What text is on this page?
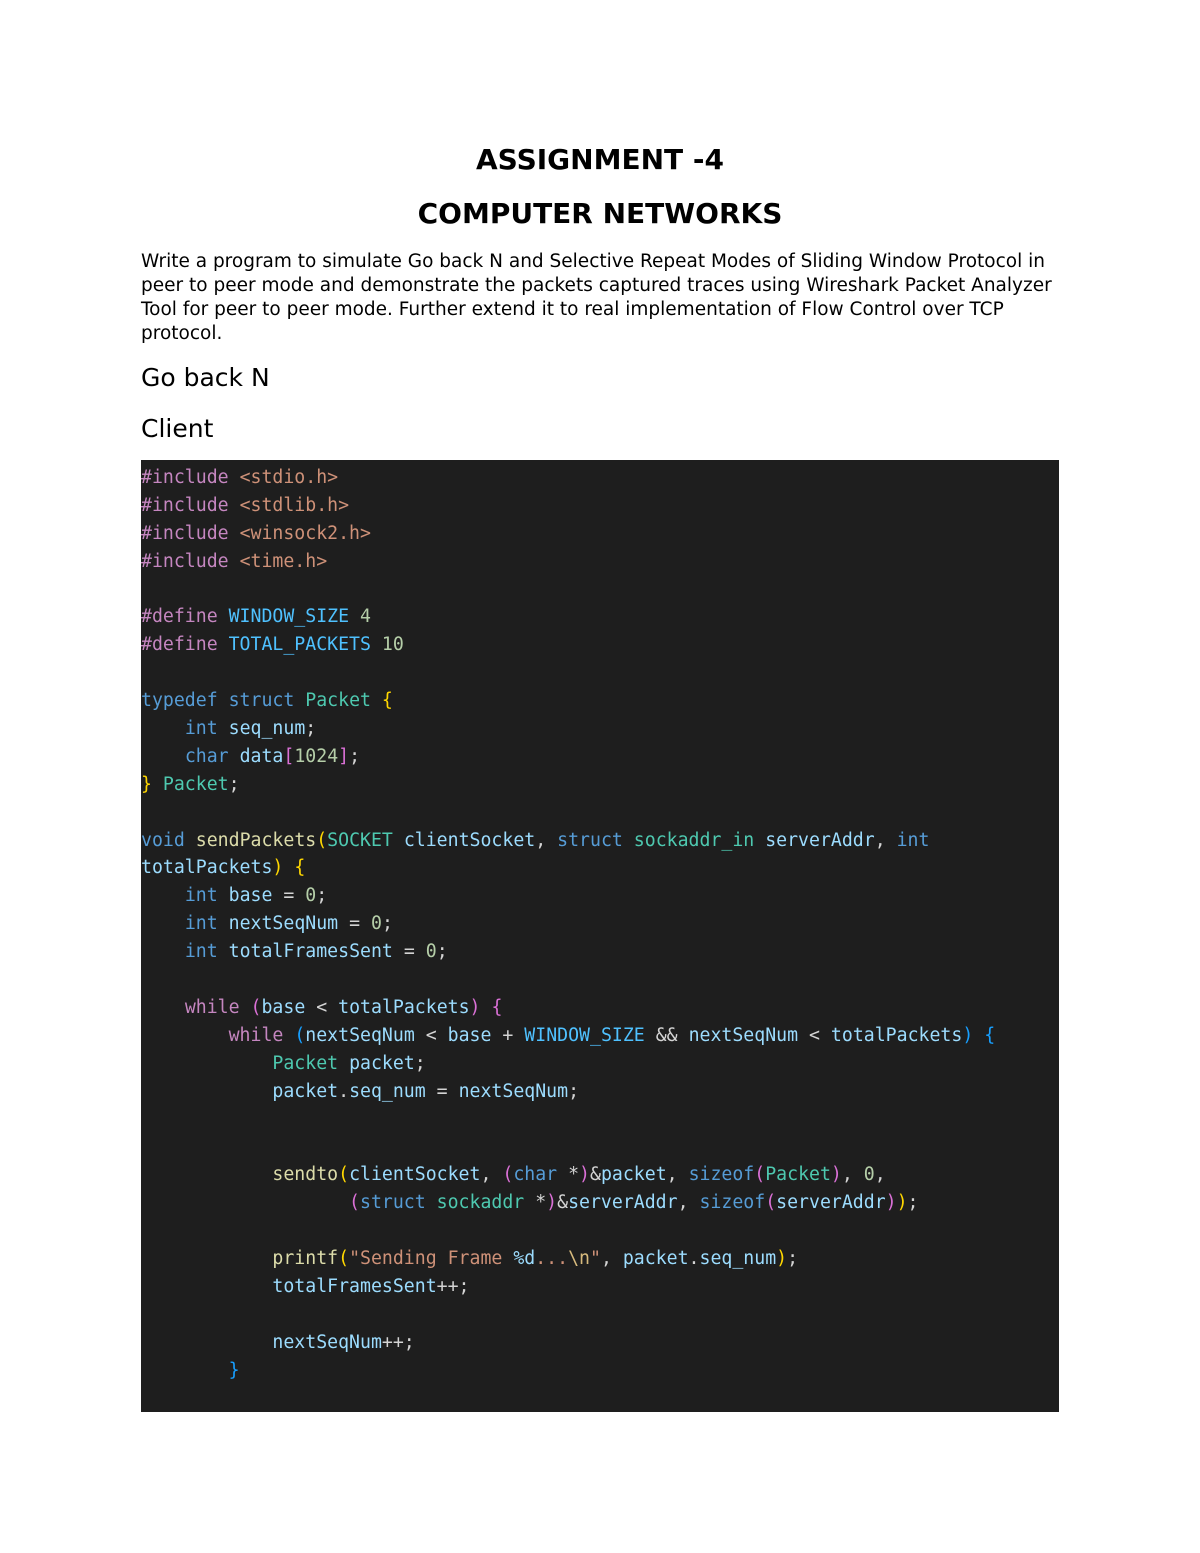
ASSIGNMENT -4
COMPUTER NETWORKS
Write a program to simulate Go back N and Selective Repeat Modes of Sliding Window Protocol in peer to peer mode and demonstrate the packets captured traces using Wireshark Packet Analyzer Tool for peer to peer mode. Further extend it to real implementation of Flow Control over TCP protocol.
Go back N
Client
#include <stdio.h>
#include <stdlib.h>
#include <winsock2.h>
#include <time.h>
#define WINDOW_SIZE 4
#define TOTAL_PACKETS 10
typedef struct Packet {
int seq_num;
char data[1024];
} Packet;
void sendPackets(SOCKET clientSocket, struct sockaddr_in serverAddr, int
totalPackets) {
int base = 0;
int nextSeqNum = 0;
int totalFramesSent = 0;
while (base < totalPackets) {
while (nextSeqNum < base + WINDOW_SIZE && nextSeqNum < totalPackets) {
Packet packet;
packet.seq_num = nextSeqNum;
sendto(clientSocket, (char *)&packet, sizeof(Packet), 0,
(struct sockaddr *)&serverAddr, sizeof(serverAddr));
printf("Sending Frame %d...\n", packet.seq_num);
totalFramesSent++;
nextSeqNum++;
}
